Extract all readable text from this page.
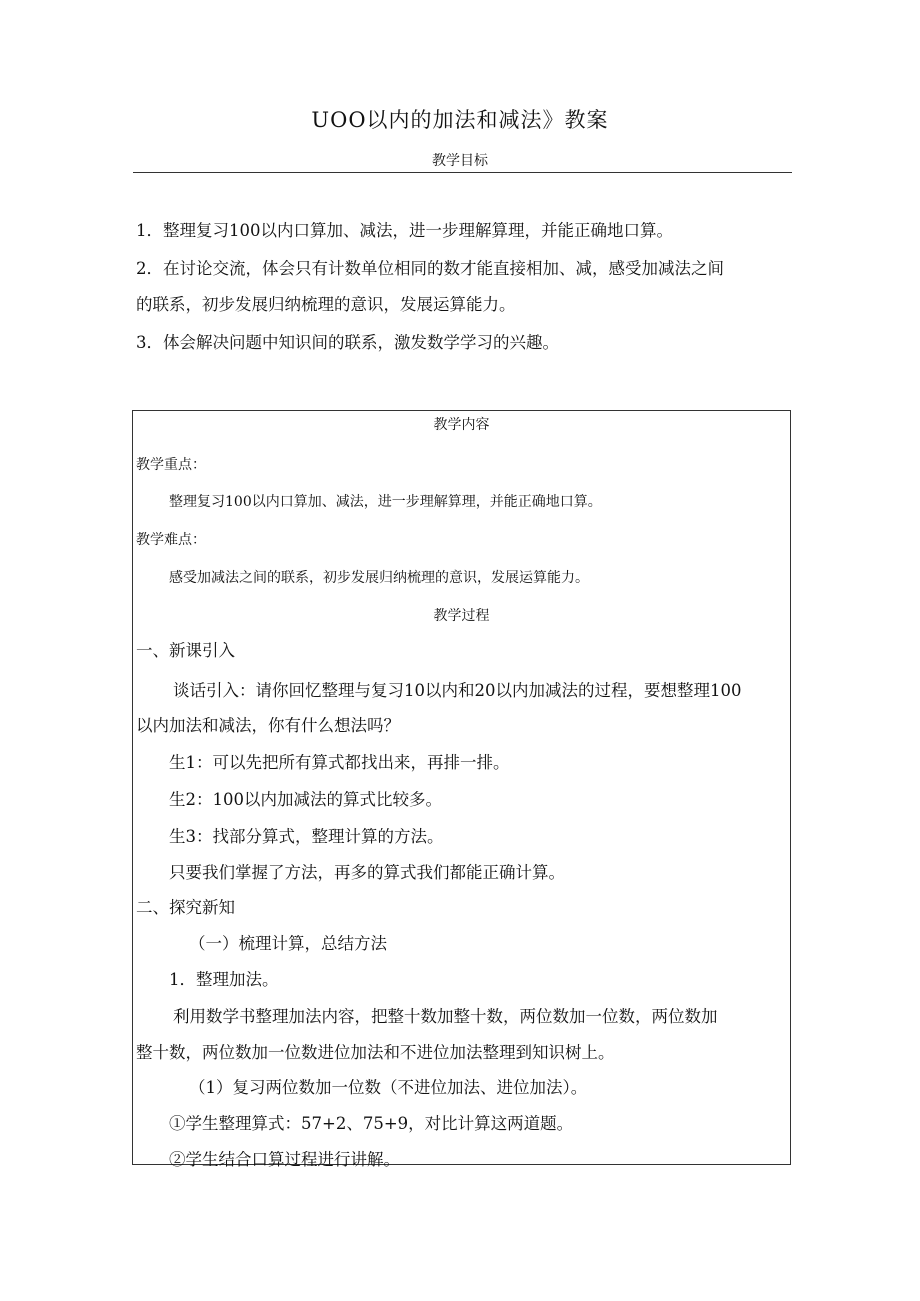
UOO以内的加法和减法》教案
教学目标
1．整理复习100以内口算加、减法，进一步理解算理，并能正确地口算。
2．在讨论交流，体会只有计数单位相同的数才能直接相加、减，感受加减法之间
的联系，初步发展归纳梳理的意识，发展运算能力。
3．体会解决问题中知识间的联系，激发数学学习的兴趣。
教学内容
教学重点：
整理复习100以内口算加、减法，进一步理解算理，并能正确地口算。
教学难点：
感受加减法之间的联系，初步发展归纳梳理的意识，发展运算能力。
教学过程
一、新课引入
谈话引入：请你回忆整理与复习10以内和20以内加减法的过程，要想整理100
以内加法和减法，你有什么想法吗？
生1：可以先把所有算式都找出来，再排一排。
生2：100以内加减法的算式比较多。
生3：找部分算式，整理计算的方法。
只要我们掌握了方法，再多的算式我们都能正确计算。
二、探究新知
（一）梳理计算，总结方法
1．整理加法。
利用数学书整理加法内容，把整十数加整十数，两位数加一位数，两位数加
整十数，两位数加一位数进位加法和不进位加法整理到知识树上。
（1）复习两位数加一位数（不进位加法、进位加法）。
①学生整理算式：57+2、75+9，对比计算这两道题。
②学生结合口算过程进行讲解。
